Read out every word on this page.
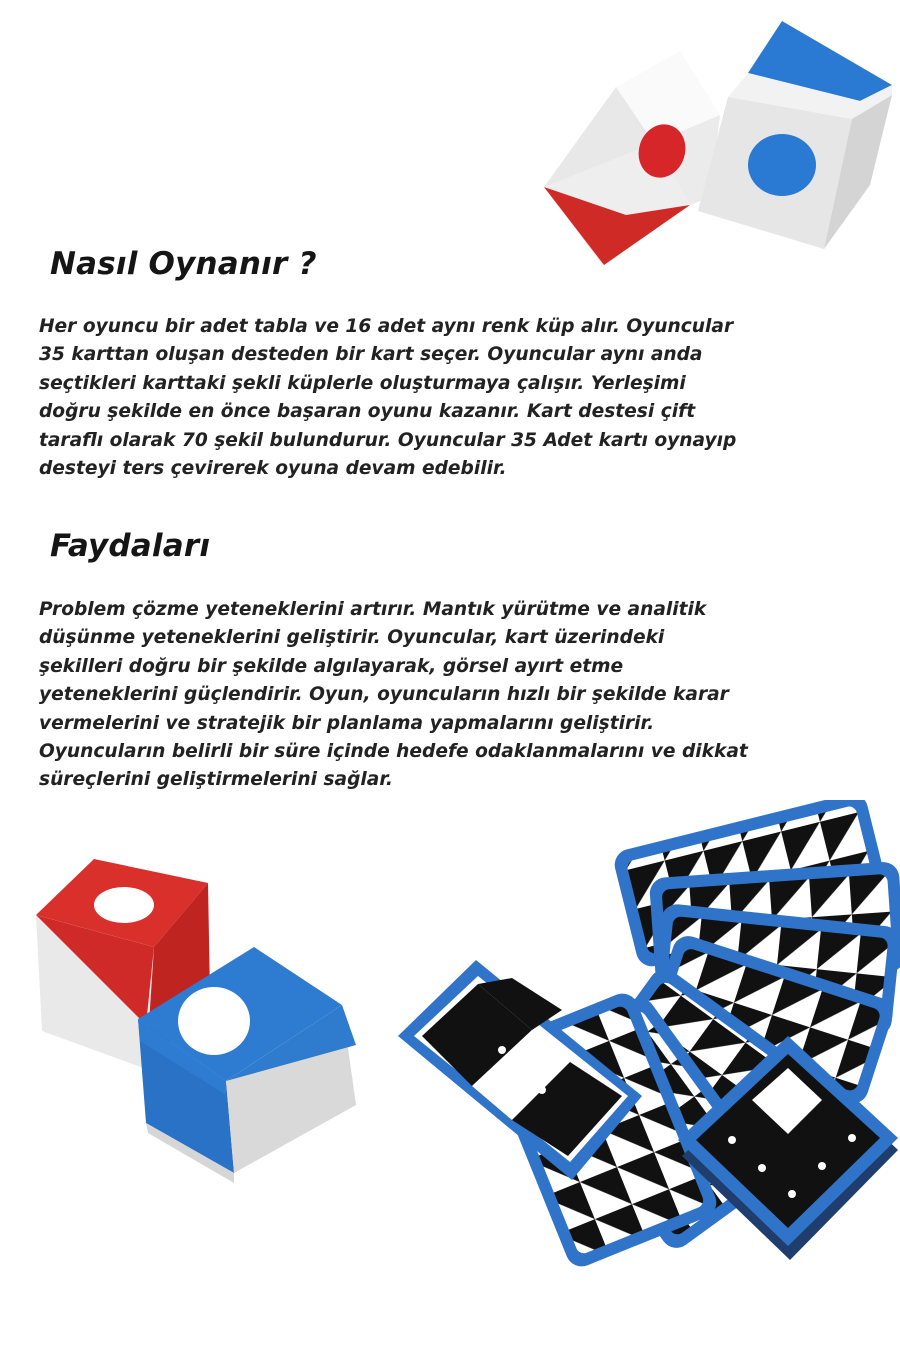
Nasıl Oynanır ?
Her oyuncu bir adet tabla ve 16 adet aynı renk küp alır. Oyuncular
35 karttan oluşan desteden bir kart seçer. Oyuncular aynı anda
seçtikleri karttaki şekli küplerle oluşturmaya çalışır. Yerleşimi
doğru şekilde en önce başaran oyunu kazanır. Kart destesi çift
taraflı olarak 70 şekil bulundurur. Oyuncular 35 Adet kartı oynayıp
desteyi ters çevirerek oyuna devam edebilir.
Faydaları
Problem çözme yeteneklerini artırır. Mantık yürütme ve analitik
düşünme yeteneklerini geliştirir. Oyuncular, kart üzerindeki
şekilleri doğru bir şekilde algılayarak, görsel ayırt etme
yeteneklerini güçlendirir. Oyun, oyuncuların hızlı bir şekilde karar
vermelerini ve stratejik bir planlama yapmalarını geliştirir.
Oyuncuların belirli bir süre içinde hedefe odaklanmalarını ve dikkat
süreçlerini geliştirmelerini sağlar.
